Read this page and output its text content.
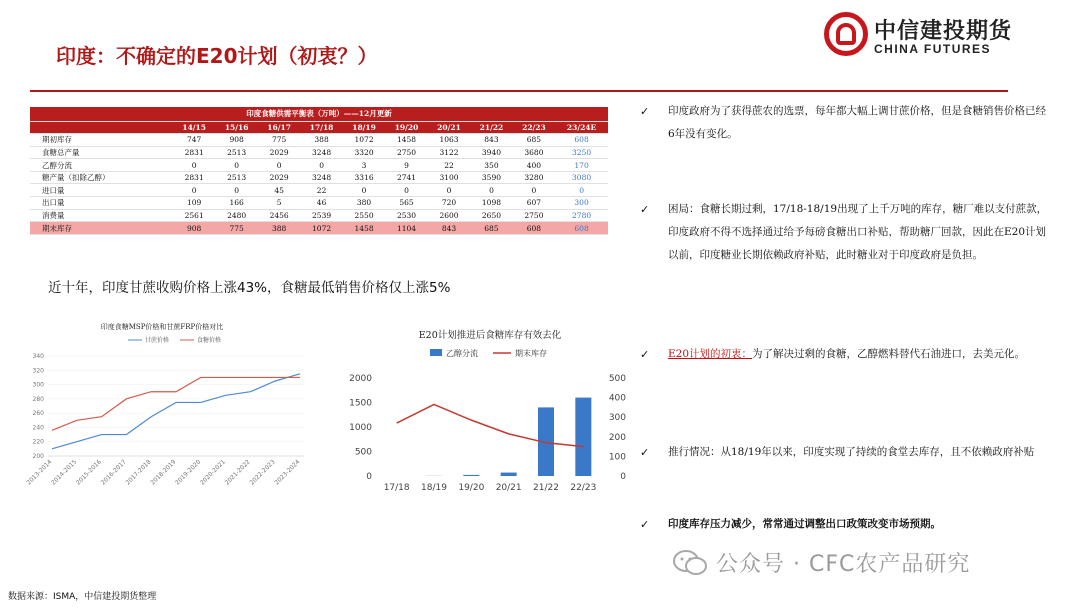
印度：不确定的E20计划（初衷？）
中信建投期货
CHINA FUTURES
印度食糖供需平衡表（万吨）——12月更新										
	14/15	15/16	16/17	17/18	18/19	19/20	20/21	21/22	22/23	23/24E
期初库存	747	908	775	388	1072	1458	1063	843	685	608
食糖总产量	2831	2513	2029	3248	3320	2750	3122	3940	3680	3250
乙醇分流	0	0	0	0	3	9	22	350	400	170
糖产量（扣除乙醇）	2831	2513	2029	3248	3316	2741	3100	3590	3280	3080
进口量	0	0	45	22	0	0	0	0	0	0
出口量	109	166	5	46	380	565	720	1098	607	300
消费量	2561	2480	2456	2539	2550	2530	2600	2650	2750	2780
期末库存	908	775	388	1072	1458	1104	843	685	608	608
近十年，印度甘蔗收购价格上涨43%，食糖最低销售价格仅上涨5%
印度食糖MSP价格和甘蔗FRP价格对比
甘蔗价格	食糖价格
200
220
240
260
280
300
320
340
2013-2014
2014-2015
2015-2016
2016-2017
2017-2018
2018-2019
2019-2020
2020-2021
2021-2022
2022-2023
2023-2024
E20计划推进后食糖库存有效去化
乙醇分流	期末库存
0
500
1000
1500
2000
0
100
200
300
400
500
17/18 18/19 19/20 20/21 21/22 22/23
✓ 印度政府为了获得蔗农的选票，每年都大幅上调甘蔗价格，但是食糖销售价格已经6年没有变化。
✓ 困局：食糖长期过剩，17/18-18/19出现了上千万吨的库存，糖厂难以支付蔗款，印度政府不得不选择通过给予每磅食糖出口补贴，帮助糖厂回款，因此在E20计划以前，印度糖业长期依赖政府补贴，此时糖业对于印度政府是负担。
✓ E20计划的初衷：为了解决过剩的食糖，乙醇燃料替代石油进口，去美元化。
✓ 推行情况：从18/19年以来，印度实现了持续的食堂去库存，且不依赖政府补贴
✓ 印度库存压力减少，常常通过调整出口政策改变市场预期。
数据来源：ISMA，中信建投期货整理
公众号 · CFC农产品研究
